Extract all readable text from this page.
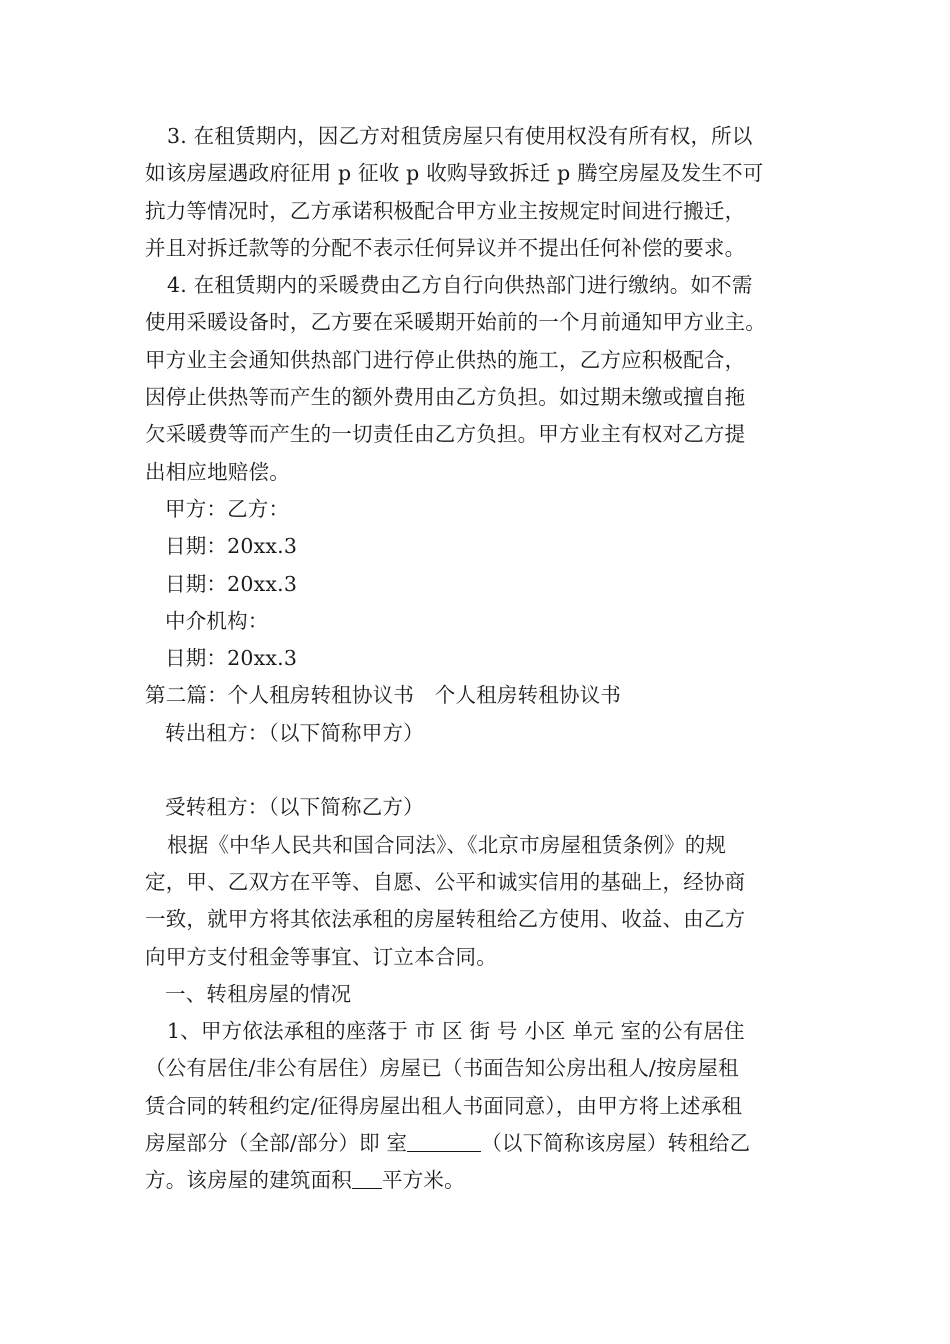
3. 在租赁期内，因乙方对租赁房屋只有使用权没有所有权，所以
如该房屋遇政府征用 p 征收 p 收购导致拆迁 p 腾空房屋及发生不可
抗力等情况时，乙方承诺积极配合甲方业主按规定时间进行搬迁，
并且对拆迁款等的分配不表示任何异议并不提出任何补偿的要求。
4. 在租赁期内的采暖费由乙方自行向供热部门进行缴纳。如不需
使用采暖设备时，乙方要在采暖期开始前的一个月前通知甲方业主。
甲方业主会通知供热部门进行停止供热的施工，乙方应积极配合，
因停止供热等而产生的额外费用由乙方负担。如过期未缴或擅自拖
欠采暖费等而产生的一切责任由乙方负担。甲方业主有权对乙方提
出相应地赔偿。
甲方：乙方：
日期：20xx.3
日期：20xx.3
中介机构：
日期：20xx.3
第二篇：个人租房转租协议书　个人租房转租协议书
转出租方：（以下简称甲方）
受转租方：（以下简称乙方）
根据《中华人民共和国合同法》、《北京市房屋租赁条例》的规
定，甲、乙双方在平等、自愿、公平和诚实信用的基础上，经协商
一致，就甲方将其依法承租的房屋转租给乙方使用、收益、由乙方
向甲方支付租金等事宜、订立本合同。
一、转租房屋的情况
1、甲方依法承租的座落于 市 区 街 号 小区 单元 室的公有居住
（公有居住/非公有居住）房屋已（书面告知公房出租人/按房屋租
赁合同的转租约定/征得房屋出租人书面同意），由甲方将上述承租
房屋部分（全部/部分）即 室	（以下简称该房屋）转租给乙
方。该房屋的建筑面积 平方米。
